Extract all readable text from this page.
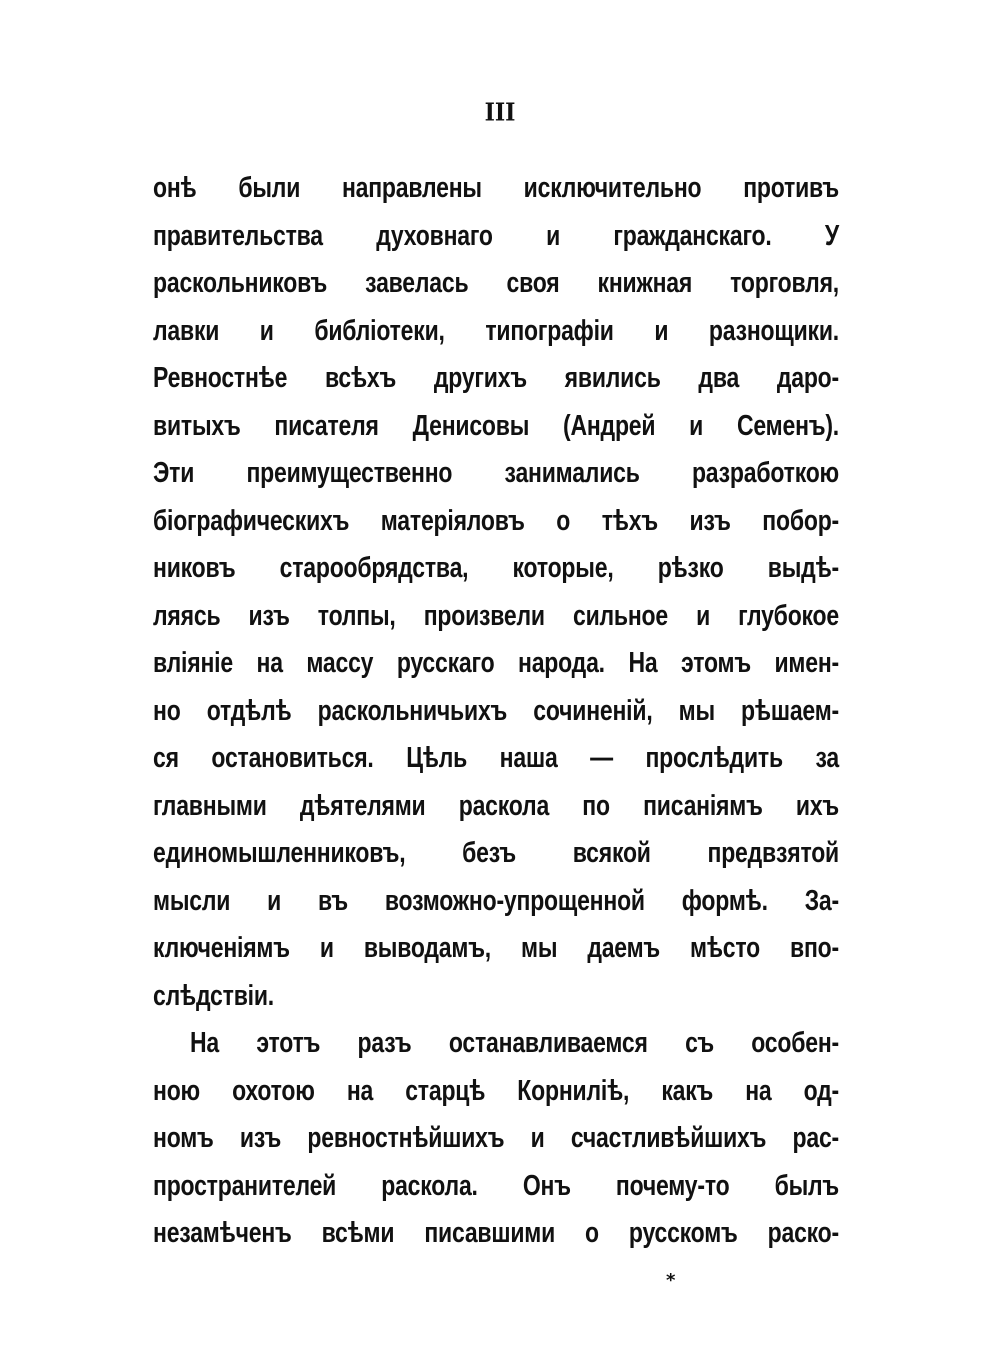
III
онѣ были направлены исключительно противъ
правительства духовнаго и гражданскаго. У
раскольниковъ завелась своя книжная торговля,
лавки и библіотеки, типографіи и разнощики.
Ревностнѣе всѣхъ другихъ явились два даро-
витыхъ писателя Денисовы (Андрей и Семенъ).
Эти преимущественно занимались разработкою
біографическихъ матеріяловъ о тѣхъ изъ побор-
никовъ старообрядства, которые, рѣзко выдѣ-
ляясь изъ толпы, произвели сильное и глубокое
вліяніе на массу русскаго народа. На этомъ имен-
но отдѣлѣ раскольничьихъ сочиненій, мы рѣшаем-
ся остановиться. Цѣль наша — прослѣдить за
главными дѣятелями раскола по писаніямъ ихъ
единомышленниковъ, безъ всякой предвзятой
мысли и въ возможно-упрощенной формѣ. За-
ключеніямъ и выводамъ, мы даемъ мѣсто впо-
слѣдствіи.
На этотъ разъ останавливаемся съ особен-
ною охотою на старцѣ Корниліѣ, какъ на од-
номъ изъ ревностнѣйшихъ и счастливѣйшихъ рас-
пространителей раскола. Онъ почему-то былъ
незамѣченъ всѣми писавшими о русскомъ раско-
*
